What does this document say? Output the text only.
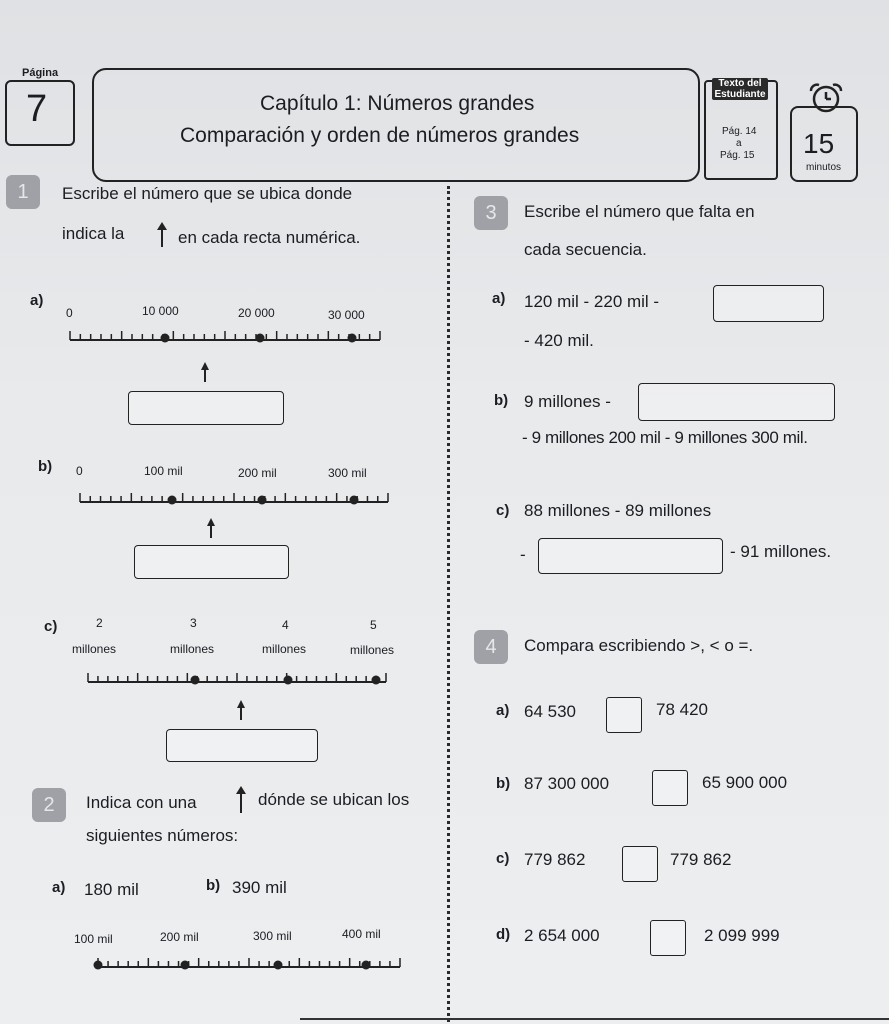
Página
7	Capítulo 1: Números grandes
Comparación y orden de números grandes
Texto del Estudiante
Pág. 14
a
Pág. 15 15
minutos
1	Escribe el número que se ubica donde
indica la	en cada recta numérica.
a)
0	10 000	20 000	30 000
b) 0	100 mil	200 mil	300 mil
c)	2	3	4	5
millones	millones	millones	millones
2	Indica con una	dónde se ubican los
siguientes números:
a) 180 mil	b) 390 mil
100 mil	200 mil	300 mil	400 mil
3	Escribe el número que falta en
cada secuencia.
a) 120 mil - 220 mil -
- 420 mil.
b) 9 millones -
- 9 millones 200 mil - 9 millones 300 mil.
c) 88 millones - 89 millones
-	- 91 millones.
4	Compara escribiendo >, < o =.
a) 64 530	78 420
b) 87 300 000	65 900 000
c) 779 862	779 862
d) 2 654 000	2 099 999
